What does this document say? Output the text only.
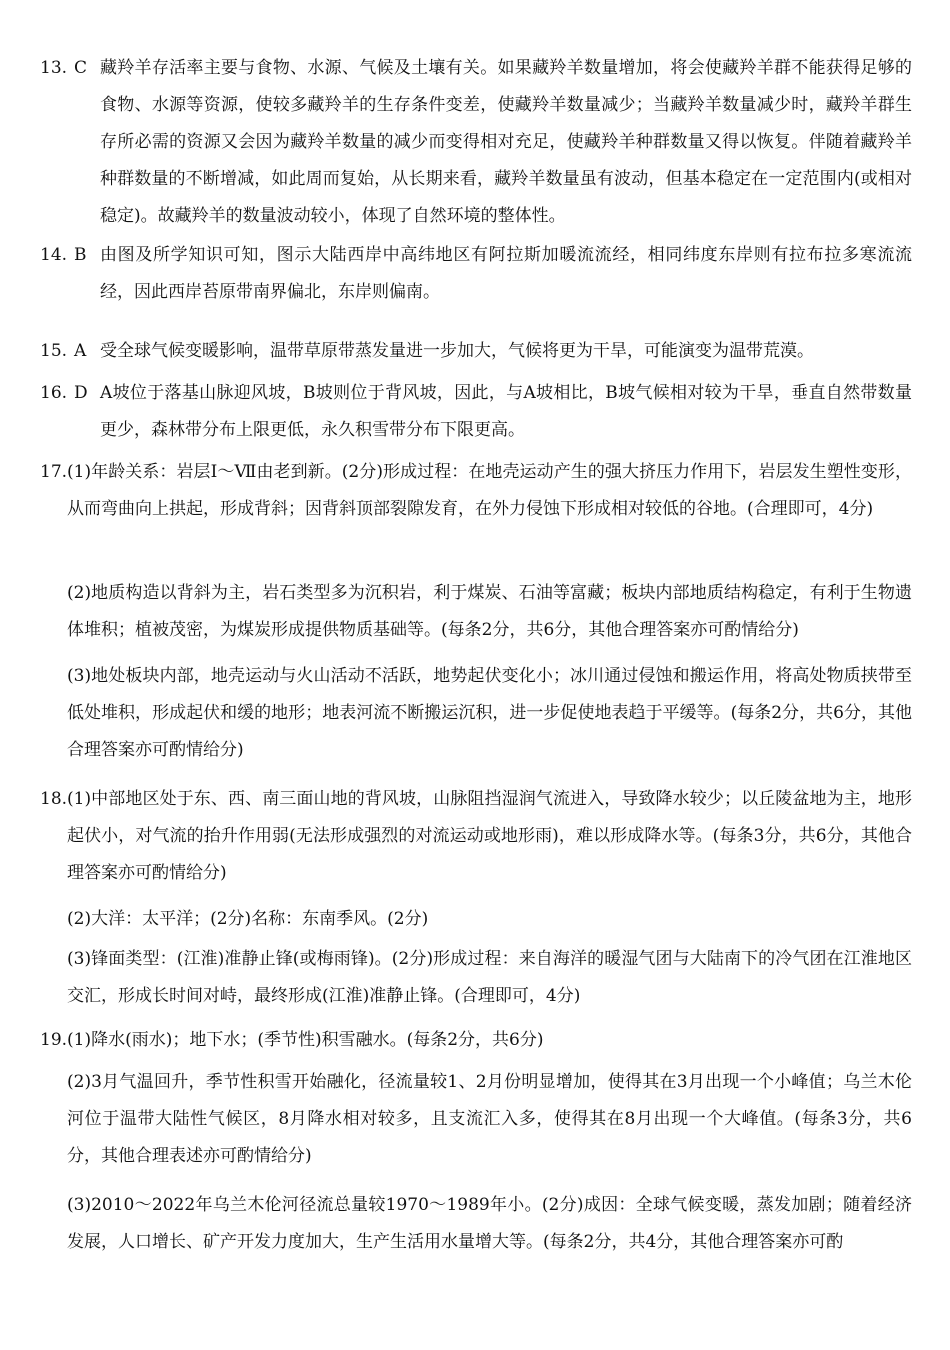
13. C 藏羚羊存活率主要与食物、水源、气候及土壤有关。如果藏羚羊数量增加，将会使藏羚羊群不能获得足够的食物、水源等资源，使较多藏羚羊的生存条件变差，使藏羚羊数量减少；当藏羚羊数量减少时，藏羚羊群生存所必需的资源又会因为藏羚羊数量的减少而变得相对充足，使藏羚羊种群数量又得以恢复。伴随着藏羚羊种群数量的不断增减，如此周而复始，从长期来看，藏羚羊数量虽有波动，但基本稳定在一定范围内(或相对稳定)。故藏羚羊的数量波动较小，体现了自然环境的整体性。
14. B 由图及所学知识可知，图示大陆西岸中高纬地区有阿拉斯加暖流流经，相同纬度东岸则有拉布拉多寒流流经，因此西岸苔原带南界偏北，东岸则偏南。
15. A 受全球气候变暖影响，温带草原带蒸发量进一步加大，气候将更为干旱，可能演变为温带荒漠。
16. D A坡位于落基山脉迎风坡，B坡则位于背风坡，因此，与A坡相比，B坡气候相对较为干旱，垂直自然带数量更少，森林带分布上限更低，永久积雪带分布下限更高。
17. (1)年龄关系：岩层Ⅰ～Ⅶ由老到新。(2分)形成过程：在地壳运动产生的强大挤压力作用下，岩层发生塑性变形，从而弯曲向上拱起，形成背斜；因背斜顶部裂隙发育，在外力侵蚀下形成相对较低的谷地。(合理即可，4分)
(2)地质构造以背斜为主，岩石类型多为沉积岩，利于煤炭、石油等富藏；板块内部地质结构稳定，有利于生物遗体堆积；植被茂密，为煤炭形成提供物质基础等。(每条2分，共6分，其他合理答案亦可酌情给分)
(3)地处板块内部，地壳运动与火山活动不活跃，地势起伏变化小；冰川通过侵蚀和搬运作用，将高处物质挟带至低处堆积，形成起伏和缓的地形；地表河流不断搬运沉积，进一步促使地表趋于平缓等。(每条2分，共6分，其他合理答案亦可酌情给分)
18. (1)中部地区处于东、西、南三面山地的背风坡，山脉阻挡湿润气流进入，导致降水较少；以丘陵盆地为主，地形起伏小，对气流的抬升作用弱(无法形成强烈的对流运动或地形雨)，难以形成降水等。(每条3分，共6分，其他合理答案亦可酌情给分)
(2)大洋：太平洋；(2分)名称：东南季风。(2分)
(3)锋面类型：(江淮)准静止锋(或梅雨锋)。(2分)形成过程：来自海洋的暖湿气团与大陆南下的冷气团在江淮地区交汇，形成长时间对峙，最终形成(江淮)准静止锋。(合理即可，4分)
19. (1)降水(雨水)；地下水；(季节性)积雪融水。(每条2分，共6分)
(2)3月气温回升，季节性积雪开始融化，径流量较1、2月份明显增加，使得其在3月出现一个小峰值；乌兰木伦河位于温带大陆性气候区，8月降水相对较多，且支流汇入多，使得其在8月出现一个大峰值。(每条3分，共6分，其他合理表述亦可酌情给分)
(3)2010～2022年乌兰木伦河径流总量较1970～1989年小。(2分)成因：全球气候变暖，蒸发加剧；随着经济发展，人口增长、矿产开发力度加大，生产生活用水量增大等。(每条2分，共4分，其他合理答案亦可酌
